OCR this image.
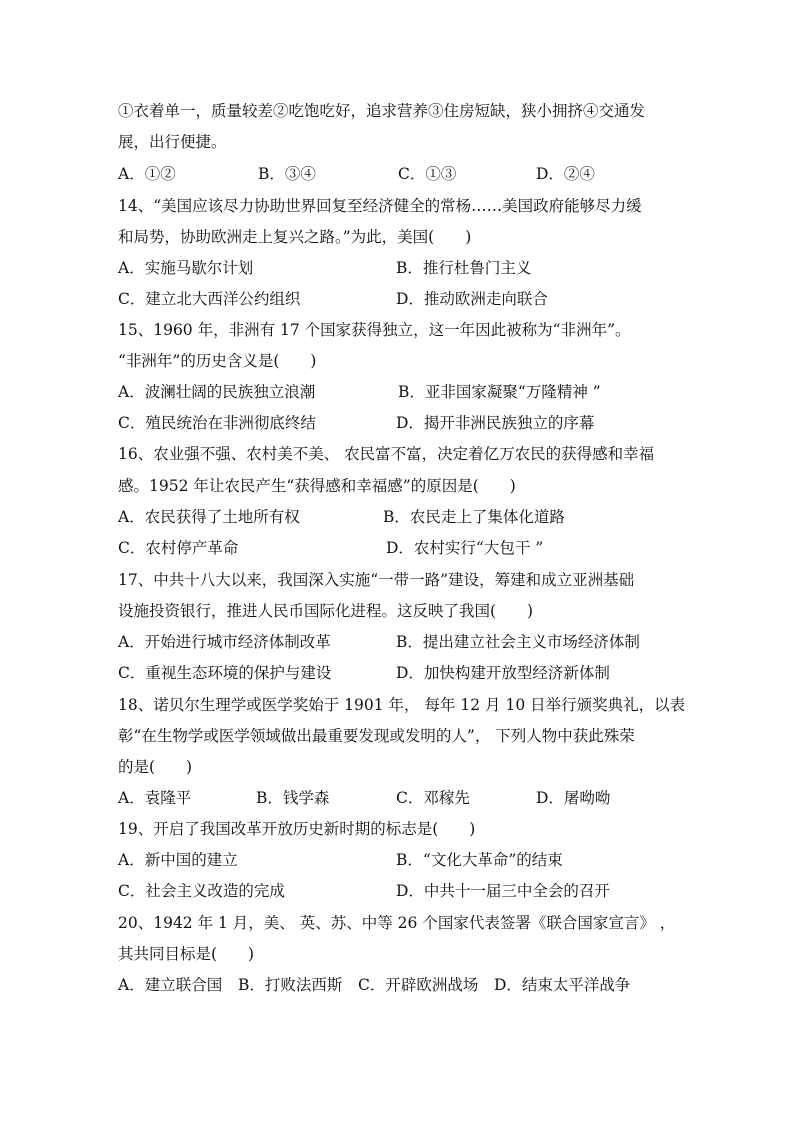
①衣着单一，质量较差②吃饱吃好，追求营养③住房短缺，狭小拥挤④交通发
展，出行便捷。
A．①②	B．③④	C．①③	D．②④
14、“美国应该尽力协助世界回复至经济健全的常杨……美国政府能够尽力缓
和局势，协助欧洲走上复兴之路。”为此，美国(　　)
A．实施马歇尔计划	B．推行杜鲁门主义
C．建立北大西洋公约组织	D．推动欧洲走向联合
15、1960 年，非洲有 17 个国家获得独立，这一年因此被称为“非洲年”。
“非洲年”的历史含义是(　　)
A．波澜壮阔的民族独立浪潮	B．亚非国家凝聚“万隆精神 ”
C．殖民统治在非洲彻底终结	D．揭开非洲民族独立的序幕
16、农业强不强、农村美不美、 农民富不富，决定着亿万农民的获得感和幸福
感。1952 年让农民产生“获得感和幸福感”的原因是(　　)
A．农民获得了土地所有权	B．农民走上了集体化道路
C．农村停产革命	D．农村实行“大包干 ”
17、中共十八大以来，我国深入实施“一带一路”建设，筹建和成立亚洲基础
设施投资银行，推进人民币国际化进程。这反映了我国(　　)
A．开始进行城市经济体制改革	B．提出建立社会主义市场经济体制
C．重视生态环境的保护与建设	D．加快构建开放型经济新体制
18、诺贝尔生理学或医学奖始于 1901 年， 每年 12 月 10 日举行颁奖典礼，以表
彰“在生物学或医学领域做出最重要发现或发明的人”， 下列人物中获此殊荣
的是(　　)
A．袁隆平	B．钱学森	C．邓稼先	D．屠呦呦
19、开启了我国改革开放历史新时期的标志是(　　)
A．新中国的建立	B．“文化大革命”的结束
C．社会主义改造的完成	D．中共十一届三中全会的召开
20、1942 年 1 月，美、 英、苏、中等 26 个国家代表签署《联合国家宣言》 ，
其共同目标是(　　)
A．建立联合国 B．打败法西斯 C．开辟欧洲战场 D．结束太平洋战争
